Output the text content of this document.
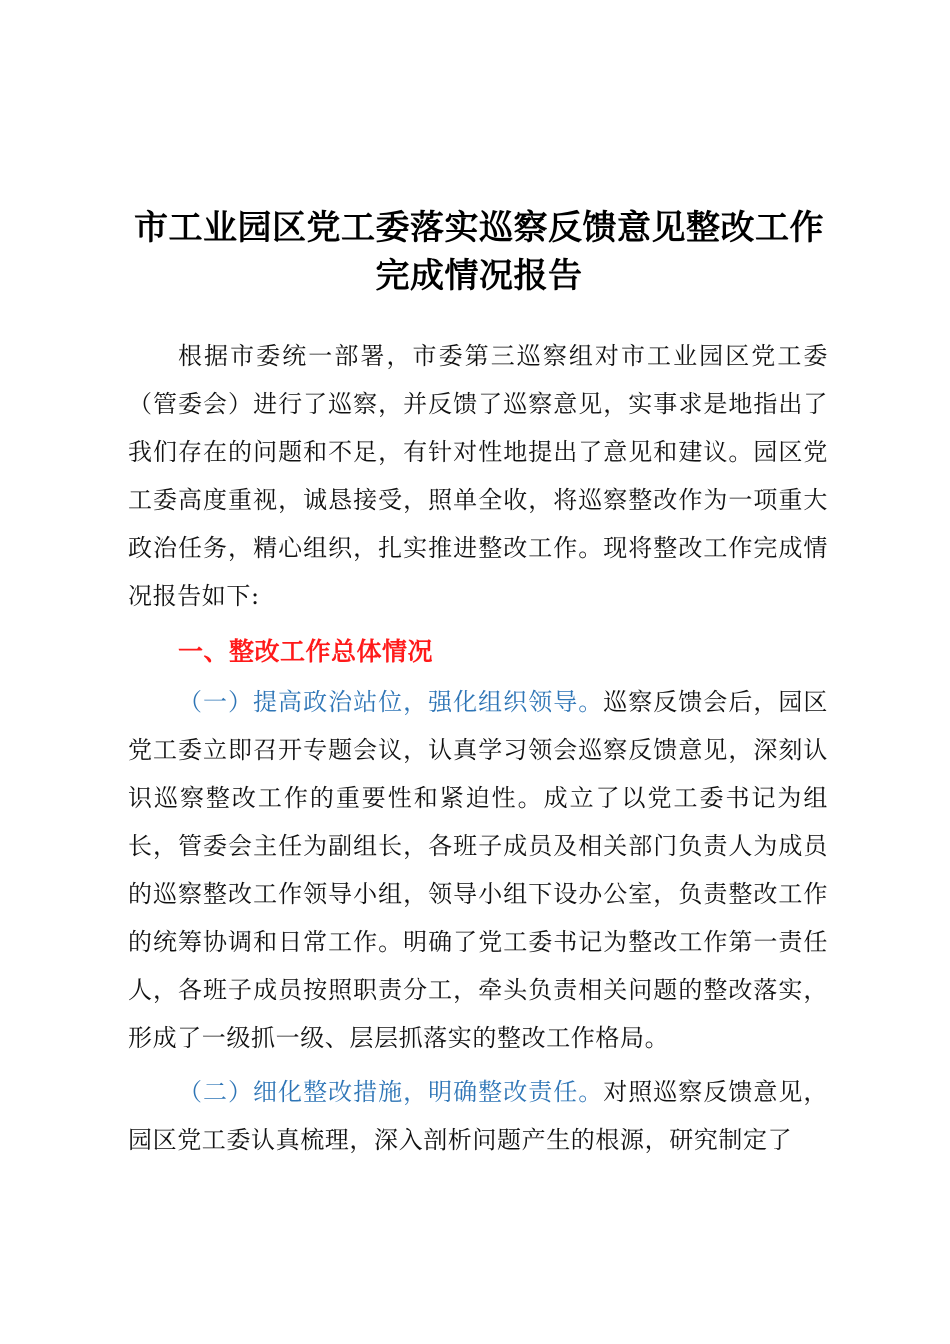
市工业园区党工委落实巡察反馈意见整改工作
完成情况报告

根据市委统一部署，市委第三巡察组对市工业园区党工委（管委会）进行了巡察，并反馈了巡察意见，实事求是地指出了我们存在的问题和不足，有针对性地提出了意见和建议。园区党工委高度重视，诚恳接受，照单全收，将巡察整改作为一项重大政治任务，精心组织，扎实推进整改工作。现将整改工作完成情况报告如下:

一、整改工作总体情况

（一）提高政治站位，强化组织领导。巡察反馈会后，园区党工委立即召开专题会议，认真学习领会巡察反馈意见，深刻认识巡察整改工作的重要性和紧迫性。成立了以党工委书记为组长，管委会主任为副组长，各班子成员及相关部门负责人为成员的巡察整改工作领导小组，领导小组下设办公室，负责整改工作的统筹协调和日常工作。明确了党工委书记为整改工作第一责任人，各班子成员按照职责分工，牵头负责相关问题的整改落实，形成了一级抓一级、层层抓落实的整改工作格局。

（二）细化整改措施，明确整改责任。对照巡察反馈意见，园区党工委认真梳理，深入剖析问题产生的根源，研究制定了
